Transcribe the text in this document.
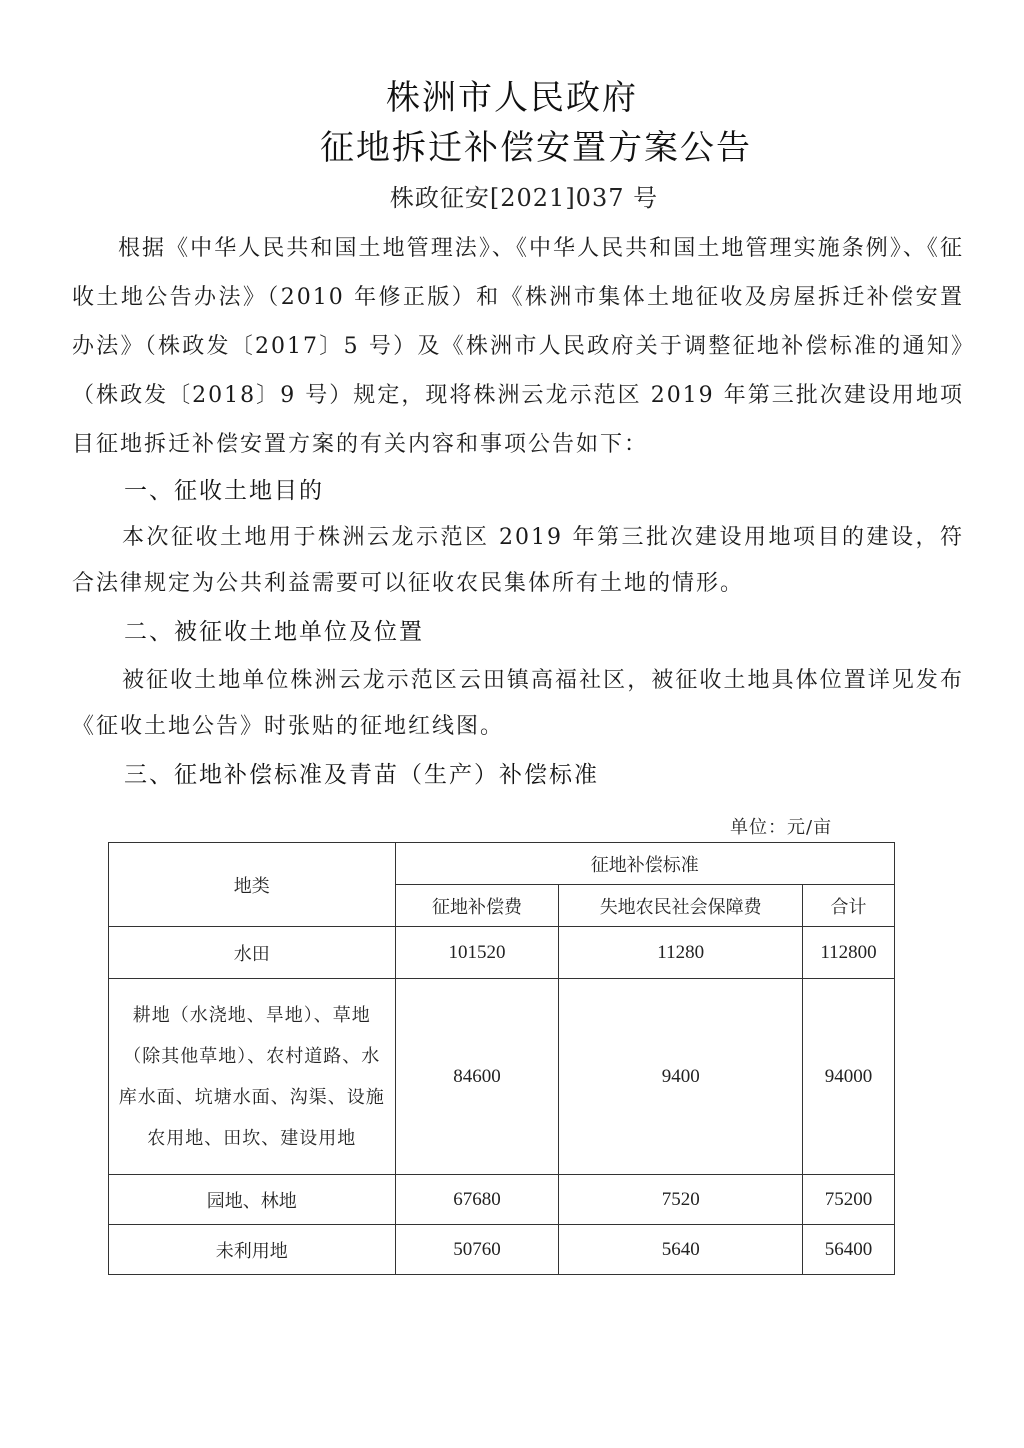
株洲市人民政府
征地拆迁补偿安置方案公告
株政征安[2021]037 号

根据《中华人民共和国土地管理法》、《中华人民共和国土地管理实施条例》、《征收土地公告办法》（2010 年修正版）和《株洲市集体土地征收及房屋拆迁补偿安置办法》（株政发〔2017〕5 号）及《株洲市人民政府关于调整征地补偿标准的通知》（株政发〔2018〕9 号）规定，现将株洲云龙示范区 2019 年第三批次建设用地项目征地拆迁补偿安置方案的有关内容和事项公告如下：

一、征收土地目的

本次征收土地用于株洲云龙示范区 2019 年第三批次建设用地项目的建设，符合法律规定为公共利益需要可以征收农民集体所有土地的情形。

二、被征收土地单位及位置

被征收土地单位株洲云龙示范区云田镇高福社区，被征收土地具体位置详见发布《征收土地公告》时张贴的征地红线图。

三、征地补偿标准及青苗（生产）补偿标准
单位：元/亩
地类	征地补偿标准		
	征地补偿费	失地农民社会保障费	合计
水田	101520	11280	112800
耕地（水浇地、旱地）、草地（除其他草地）、农村道路、水库水面、坑塘水面、沟渠、设施农用地、田坎、建设用地	84600	9400	94000
园地、林地	67680	7520	75200
未利用地	50760	5640	56400
